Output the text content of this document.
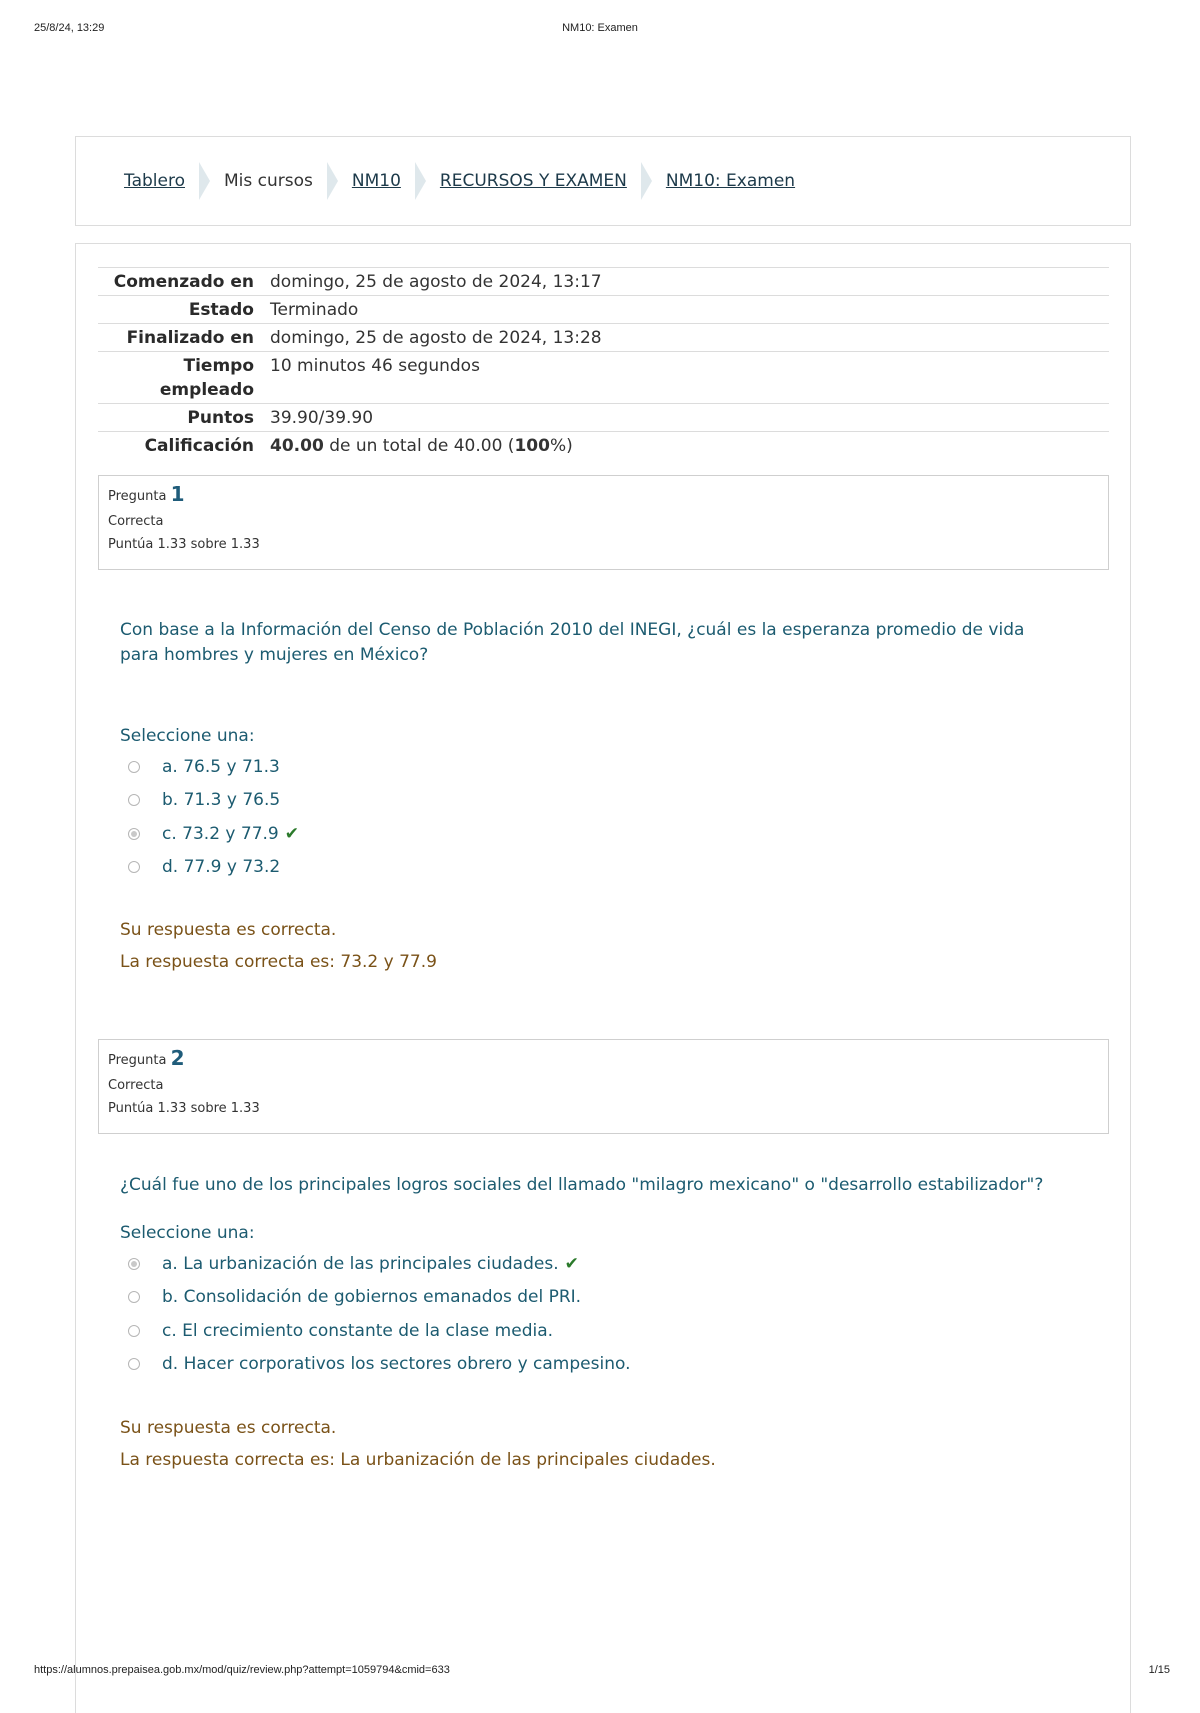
25/8/24, 13:29	NM10: Examen
Tablero Mis cursos NM10 RECURSOS Y EXAMEN NM10: Examen
Comenzado en domingo, 25 de agosto de 2024, 13:17
Estado Terminado
Finalizado en domingo, 25 de agosto de 2024, 13:28
Tiempo empleado
10 minutos 46 segundos
Puntos 39.90/39.90
Calificación 40.00 de un total de 40.00 (100%)
Pregunta 1
Correcta
Puntúa 1.33 sobre 1.33
Con base a la Información del Censo de Población 2010 del INEGI, ¿cuál es la esperanza promedio de vida para hombres y mujeres en México?
Seleccione una:
a. 76.5 y 71.3
b. 71.3 y 76.5
c. 73.2 y 77.9 ✔
d. 77.9 y 73.2
Su respuesta es correcta.
La respuesta correcta es: 73.2 y 77.9
Pregunta 2
Correcta
Puntúa 1.33 sobre 1.33
¿Cuál fue uno de los principales logros sociales del llamado "milagro mexicano" o "desarrollo estabilizador"?
Seleccione una:
a. La urbanización de las principales ciudades. ✔
b. Consolidación de gobiernos emanados del PRI.
c. El crecimiento constante de la clase media.
d. Hacer corporativos los sectores obrero y campesino.
Su respuesta es correcta.
La respuesta correcta es: La urbanización de las principales ciudades.
https://alumnos.prepaisea.gob.mx/mod/quiz/review.php?attempt=1059794&cmid=633	1/15
